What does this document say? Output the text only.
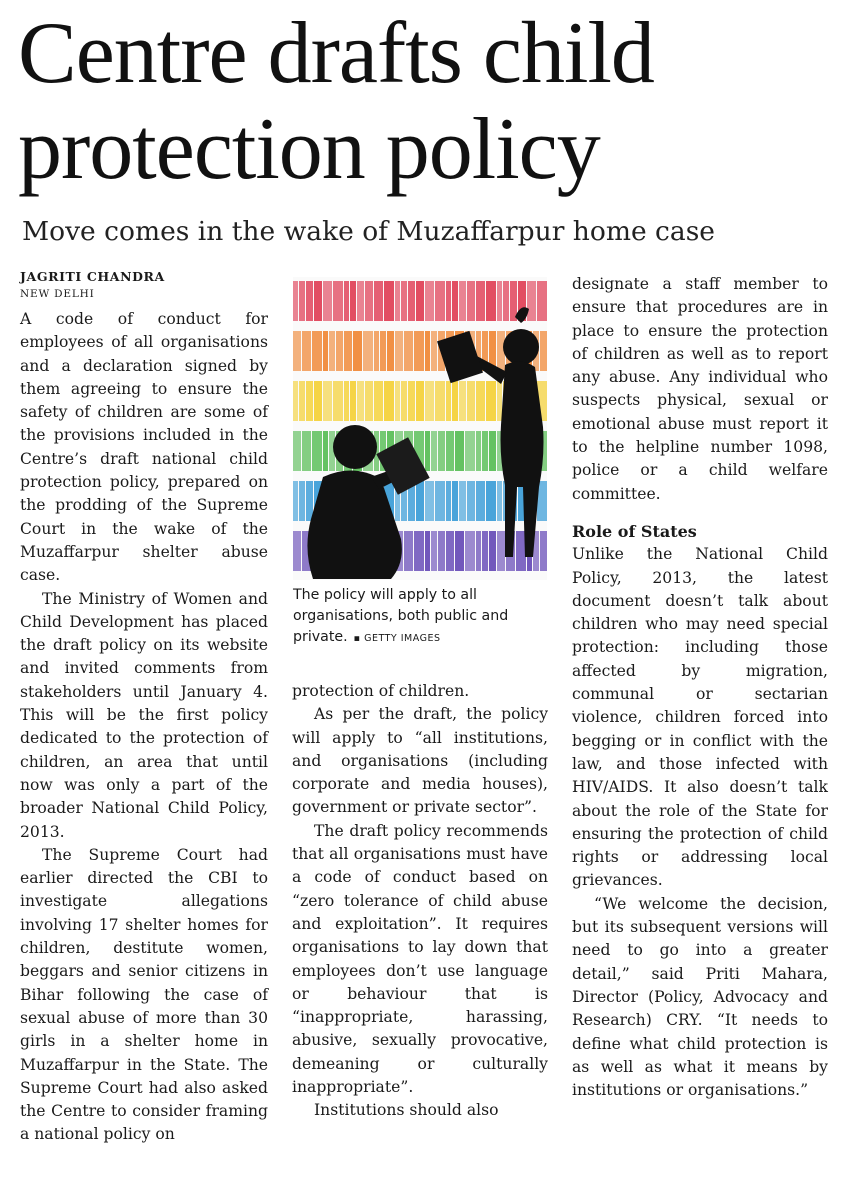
Centre drafts child
protection policy
Move comes in the wake of Muzaffarpur home case
JAGRITI CHANDRA
NEW DELHI

A code of conduct for employees of all organisations and a declaration signed by them agreeing to ensure the safety of children are some of the provisions included in the Centre’s draft national child protection policy, prepared on the prodding of the Supreme Court in the wake of the Muzaffarpur shelter abuse case.

The Ministry of Women and Child Development has placed the draft policy on its website and invited comments from stakeholders until January 4. This will be the first policy dedicated to the protection of children, an area that until now was only a part of the broader National Child Policy, 2013.

The Supreme Court had earlier directed the CBI to investigate allegations involving 17 shelter homes for children, destitute women, beggars and senior citizens in Bihar following the case of sexual abuse of more than 30 girls in a shelter home in Muzaffarpur in the State. The Supreme Court had also asked the Centre to consider framing a national policy on

The policy will apply to all organisations, both public and private. ▪ GETTY IMAGES

protection of children.

As per the draft, the policy will apply to “all institutions, and organisations (including corporate and media houses), government or private sector”.

The draft policy recommends that all organisations must have a code of conduct based on “zero tolerance of child abuse and exploitation”. It requires organisations to lay down that employees don’t use language or behaviour that is “inappropriate, harassing, abusive, sexually provocative, demeaning or culturally inappropriate”.

Institutions should also

designate a staff member to ensure that procedures are in place to ensure the protection of children as well as to report any abuse. Any individual who suspects physical, sexual or emotional abuse must report it to the helpline number 1098, police or a child welfare committee.

Role of States

Unlike the National Child Policy, 2013, the latest document doesn’t talk about children who may need special protection: including those affected by migration, communal or sectarian violence, children forced into begging or in conflict with the law, and those infected with HIV/AIDS. It also doesn’t talk about the role of the State for ensuring the protection of child rights or addressing local grievances.

“We welcome the decision, but its subsequent versions will need to go into a greater detail,” said Priti Mahara, Director (Policy, Advocacy and Research) CRY. “It needs to define what child protection is as well as what it means by institutions or organisations.”
